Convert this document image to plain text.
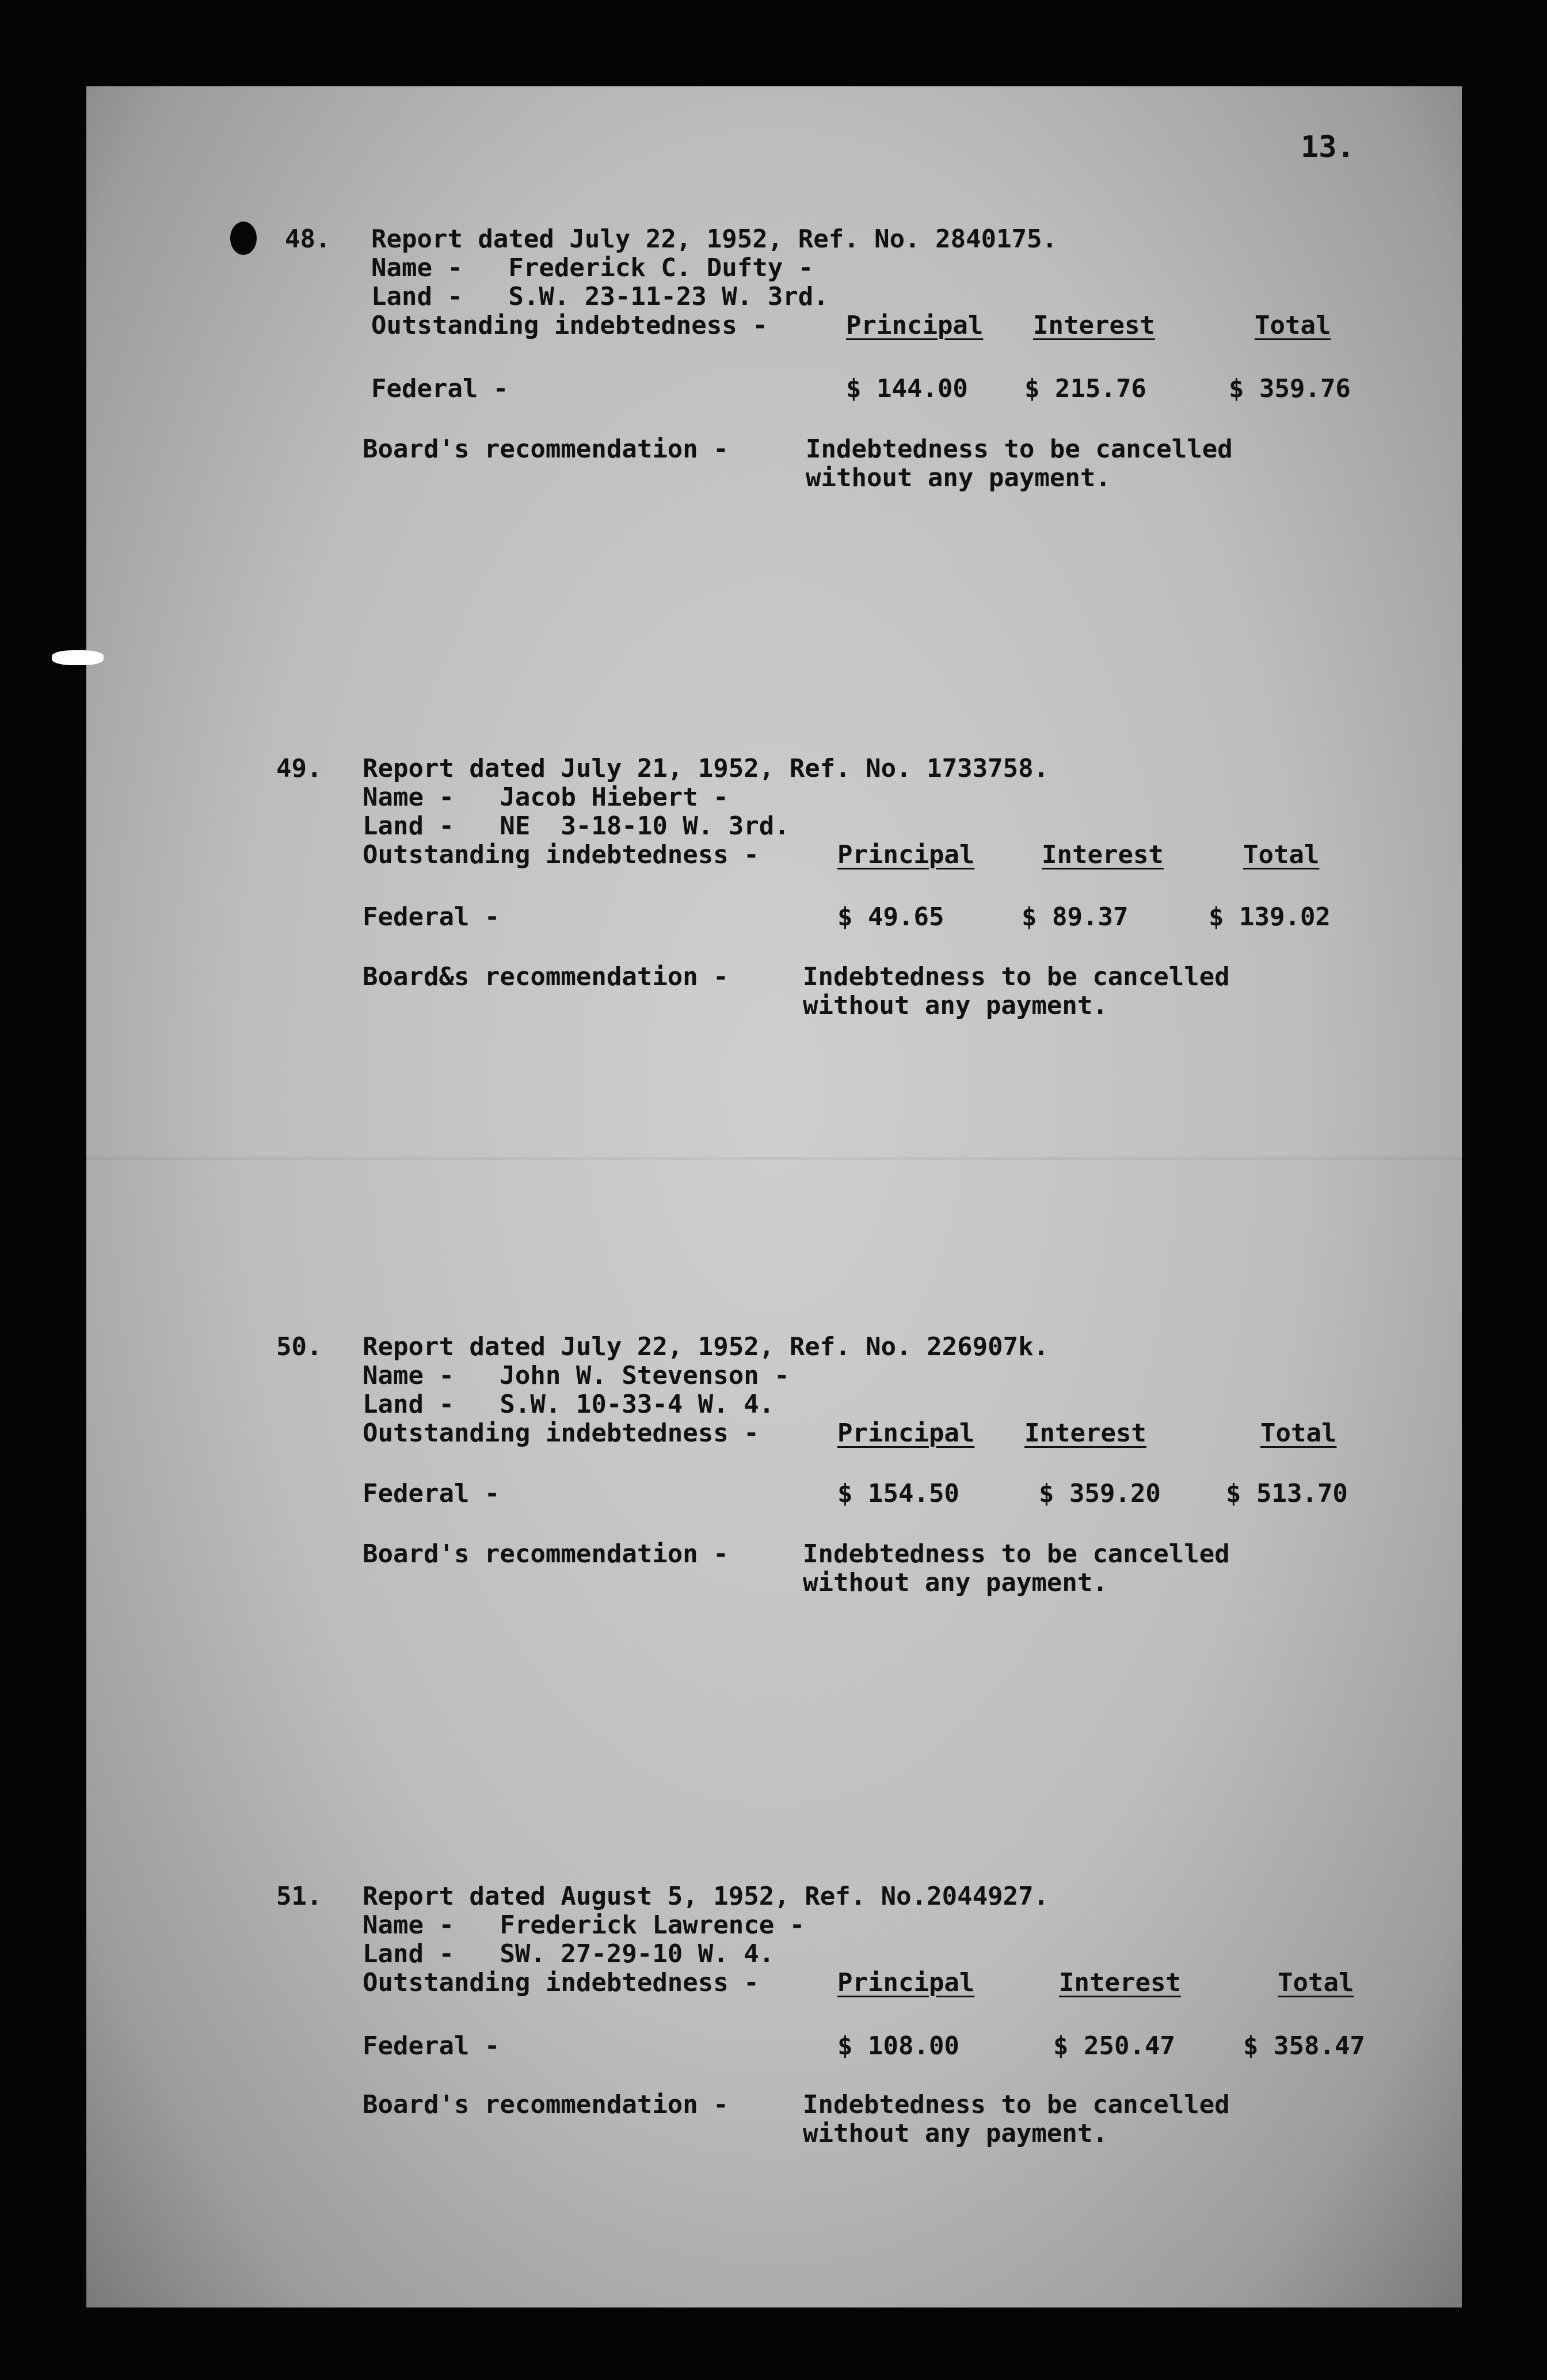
13.
48. Report dated July 22, 1952, Ref. No. 2840175.
Name -   Frederick C. Dufty -
Land -   S.W. 23-11-23 W. 3rd.
Outstanding indebtedness -	Principal Interest	Total
Federal -	$ 144.00 $ 215.76	$ 359.76
Board's recommendation -	Indebtedness to be cancelled
without any payment.
49. Report dated July 21, 1952, Ref. No. 1733758.
Name -   Jacob Hiebert -
Land -   NE  3-18-10 W. 3rd.
Outstanding indebtedness -	Principal	Interest	Total
Federal -	$ 49.65	$ 89.37	$ 139.02
Board&s recommendation -	Indebtedness to be cancelled
without any payment.
50. Report dated July 22, 1952, Ref. No. 226907k.
Name -   John W. Stevenson -
Land -   S.W. 10-33-4 W. 4.
Outstanding indebtedness -	Principal Interest	Total
Federal -	$ 154.50	$ 359.20	$ 513.70
Board's recommendation -	Indebtedness to be cancelled
without any payment.
51. Report dated August 5, 1952, Ref. No.2044927.
Name -   Frederick Lawrence -
Land -   SW. 27-29-10 W. 4.
Outstanding indebtedness -	Principal	Interest	Total
Federal -	$ 108.00	$ 250.47	$ 358.47
Board's recommendation -	Indebtedness to be cancelled
without any payment.
